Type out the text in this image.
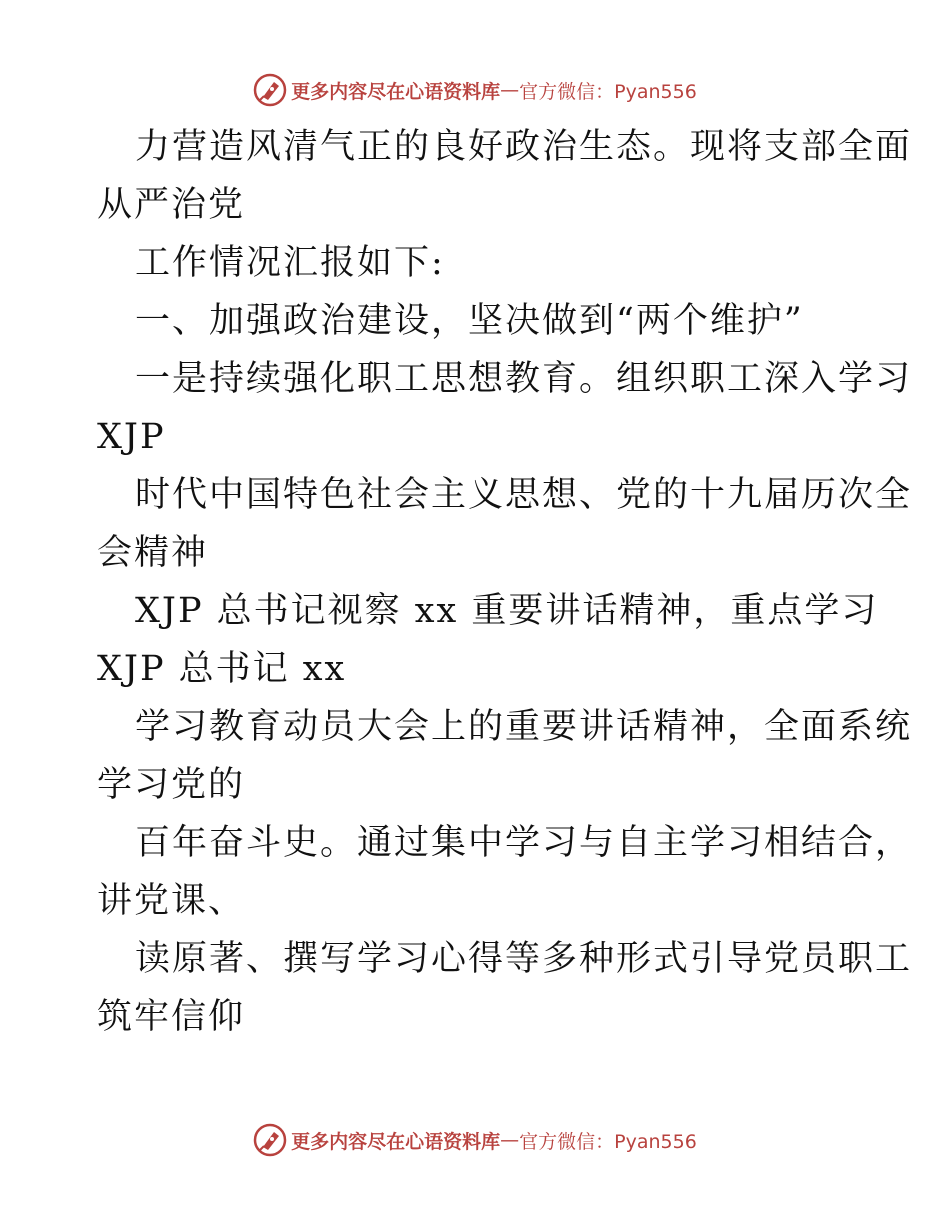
更多内容尽在心语资料库 — 官方微信：Pyan556
力营造风清气正的良好政治生态。现将支部全面
从严治党
工作情况汇报如下:
一、加强政治建设，坚决做到“两个维护”
一是持续强化职工思想教育。组织职工深入学习
XJP
时代中国特色社会主义思想、党的十九届历次全
会精神
XJP 总书记视察 xx 重要讲话精神，重点学习
XJP 总书记 xx
学习教育动员大会上的重要讲话精神，全面系统
学习党的
百年奋斗史。通过集中学习与自主学习相结合，
讲党课、
读原著、撰写学习心得等多种形式引导党员职工
筑牢信仰
更多内容尽在心语资料库 — 官方微信：Pyan556
